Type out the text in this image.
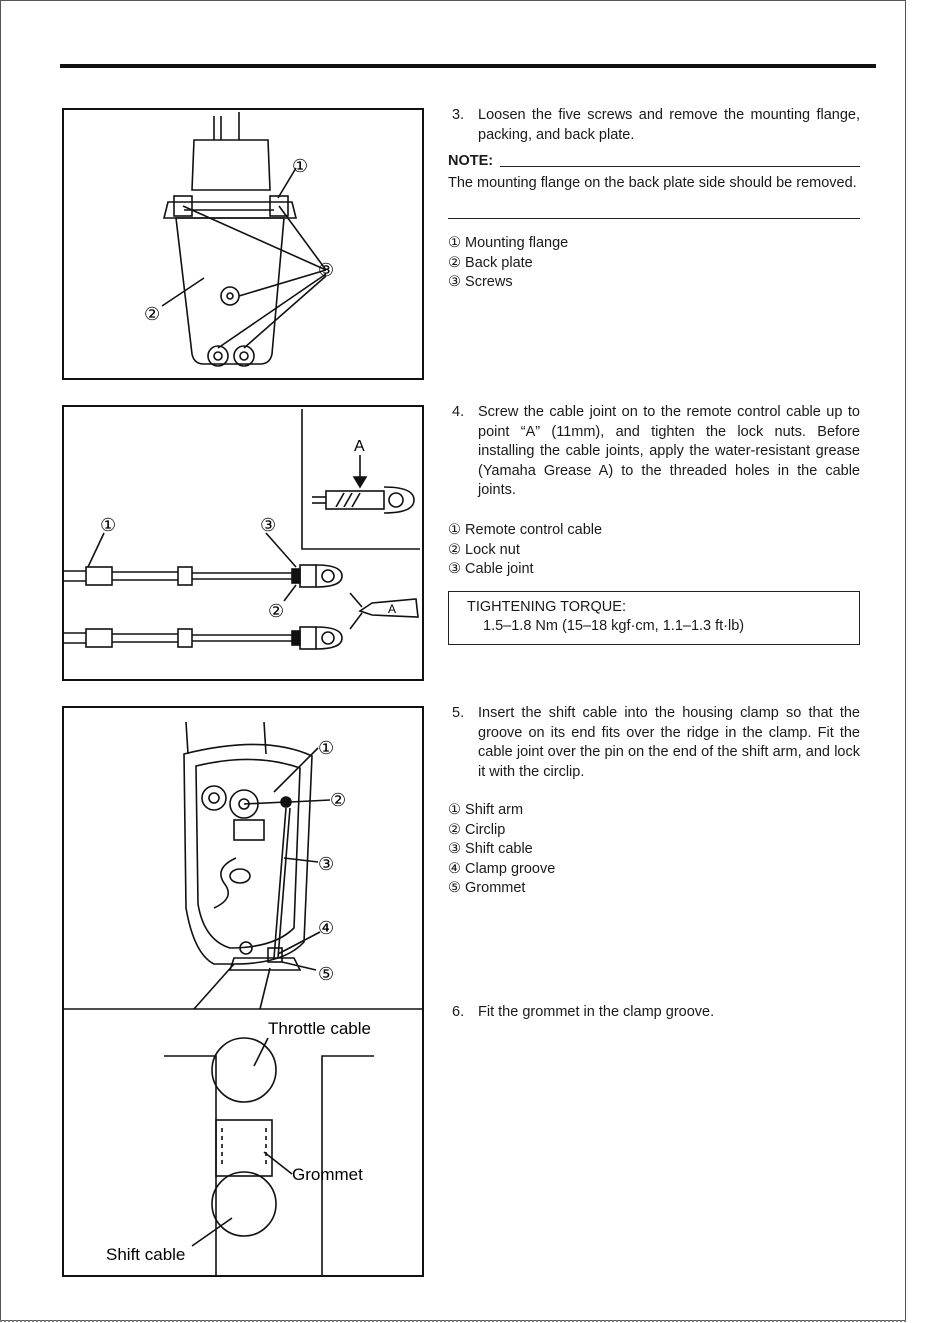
①
③
②
3. Loosen the five screws and remove the mounting flange, packing, and back plate.
NOTE:
The mounting flange on the back plate side should be removed.
① Mounting flange
② Back plate
③ Screws
A
A
①	③
②
4. Screw the cable joint on to the remote control cable up to point “A” (11mm), and tighten the lock nuts. Before installing the cable joints, apply the water-resistant grease (Yamaha Grease A) to the threaded holes in the cable joints.
① Remote control cable
② Lock nut
③ Cable joint
TIGHTENING TORQUE:
1.5–1.8 Nm (15–18 kgf·cm, 1.1–1.3 ft·lb)
①
②
③
④
⑤
Throttle cable
Grommet
Shift cable
5. Insert the shift cable into the housing clamp so that the groove on its end fits over the ridge in the clamp. Fit the cable joint over the pin on the end of the shift arm, and lock it with the circlip.
① Shift arm
② Circlip
③ Shift cable
④ Clamp groove
⑤ Grommet
6. Fit the grommet in the clamp groove.
